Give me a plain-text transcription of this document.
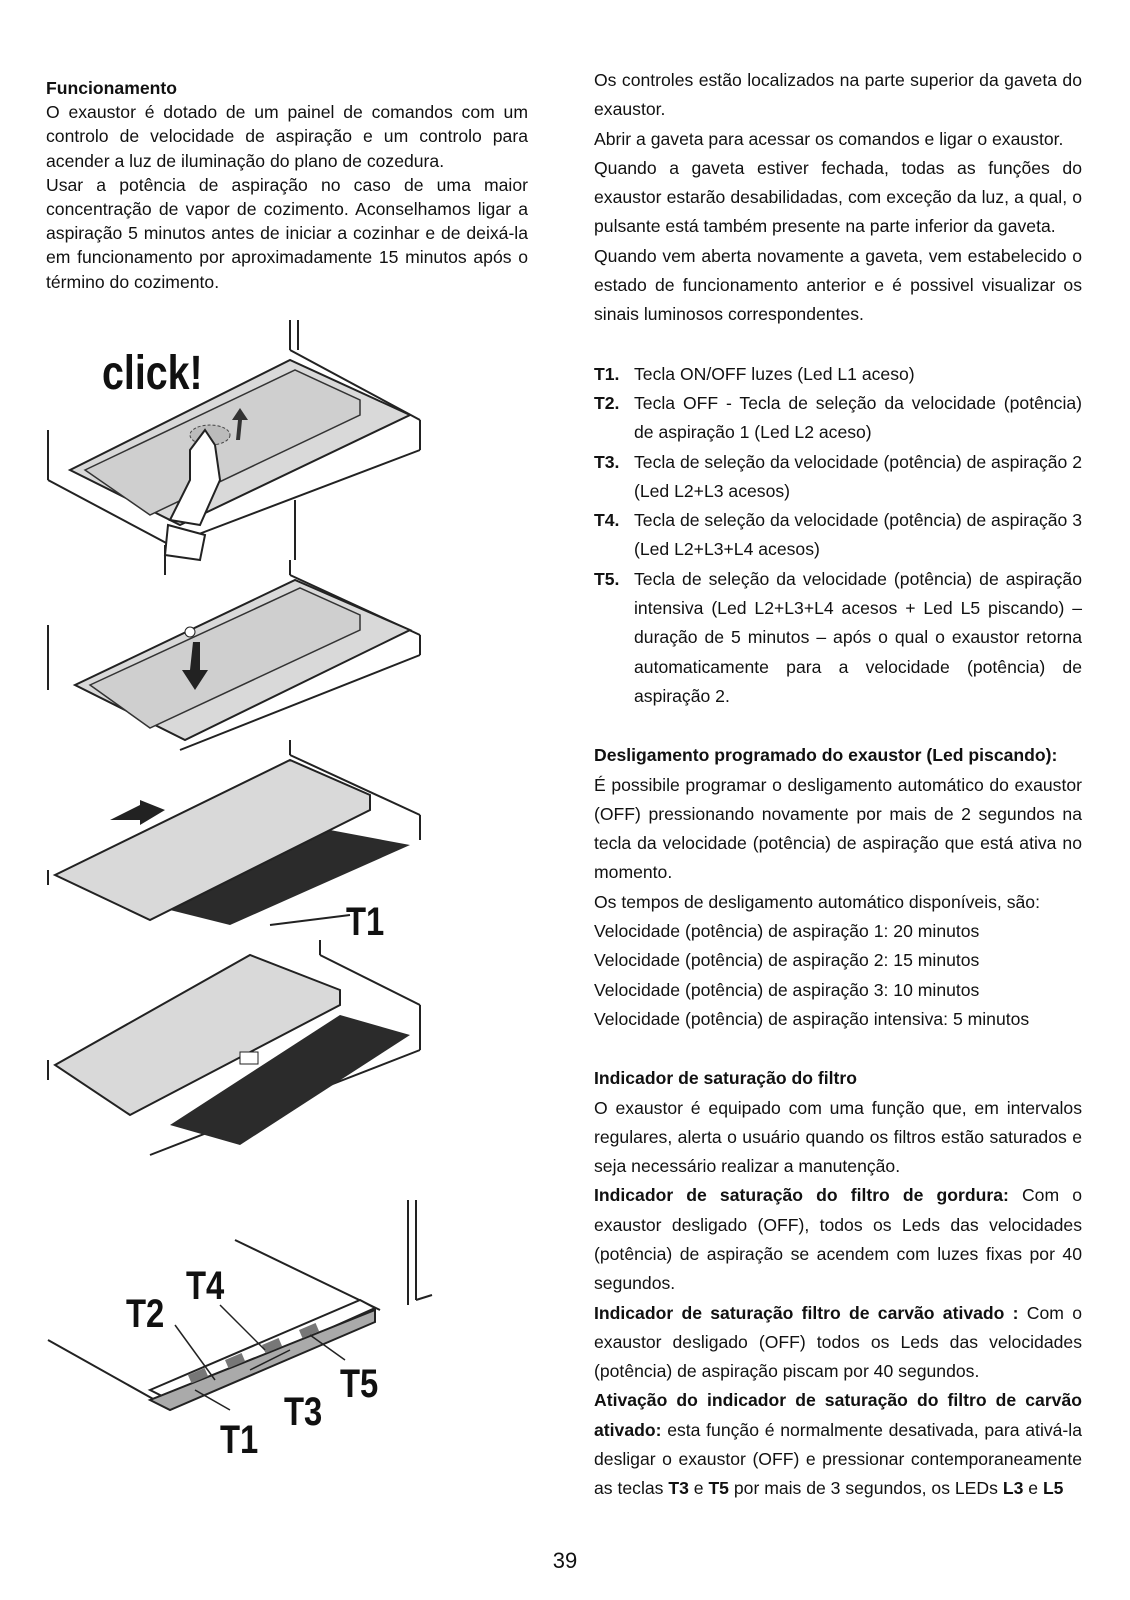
Funcionamento

O exaustor é dotado de um painel de comandos com um controlo de velocidade de aspiração e um controlo para acender a luz de iluminação do plano de cozedura.

Usar a potência de aspiração no caso de uma maior concentração de vapor de cozimento. Aconselhamos ligar a aspiração 5 minutos antes de iniciar a cozinhar e de deixá-la em funcionamento por aproximadamente 15 minutos após o término do cozimento.

click!
T1
T4
T2
T5
T3
T1

Os controles estão localizados na parte superior da gaveta do exaustor.

Abrir a gaveta para acessar os comandos e ligar o exaustor.

Quando a gaveta estiver fechada, todas as funções do exaustor estarão desabilidadas, com exceção da luz, a qual, o pulsante está também presente na parte inferior da gaveta.

Quando vem aberta novamente a gaveta, vem estabelecido o estado de funcionamento anterior e é possivel visualizar os sinais luminosos correspondentes.

T1. Tecla ON/OFF luzes (Led L1 aceso)
T2. Tecla OFF - Tecla de seleção da velocidade (potência) de aspiração 1 (Led L2 aceso)
T3. Tecla de seleção da velocidade (potência) de aspiração 2 (Led L2+L3 acesos)
T4. Tecla de seleção da velocidade (potência) de aspiração 3 (Led L2+L3+L4 acesos)
T5. Tecla de seleção da velocidade (potência) de aspiração intensiva (Led L2+L3+L4 acesos + Led L5 piscando) – duração de 5 minutos – após o qual o exaustor retorna automaticamente para a velocidade (potência) de aspiração 2.

Desligamento programado do exaustor (Led piscando):

É possibile programar o desligamento automático do exaustor (OFF) pressionando novamente por mais de 2 segundos na tecla da velocidade (potência) de aspiração que está ativa no momento.

Os tempos de desligamento automático disponíveis, são:

Velocidade (potência) de aspiração 1: 20 minutos

Velocidade (potência) de aspiração 2: 15 minutos

Velocidade (potência) de aspiração 3: 10 minutos

Velocidade (potência) de aspiração intensiva: 5 minutos

Indicador de saturação do filtro

O exaustor é equipado com uma função que, em intervalos regulares, alerta o usuário quando os filtros estão saturados e seja necessário realizar a manutenção.

Indicador de saturação do filtro de gordura: Com o exaustor desligado (OFF), todos os Leds das velocidades (potência) de aspiração se acendem com luzes fixas por 40 segundos.

Indicador de saturação filtro de carvão ativado : Com o exaustor desligado (OFF) todos os Leds das velocidades (potência) de aspiração piscam por 40 segundos.

Ativação do indicador de saturação do filtro de carvão ativado: esta função é normalmente desativada, para ativá-la desligar o exaustor (OFF) e pressionar contemporaneamente as teclas T3 e T5 por mais de 3 segundos, os LEDs L3 e L5

39
